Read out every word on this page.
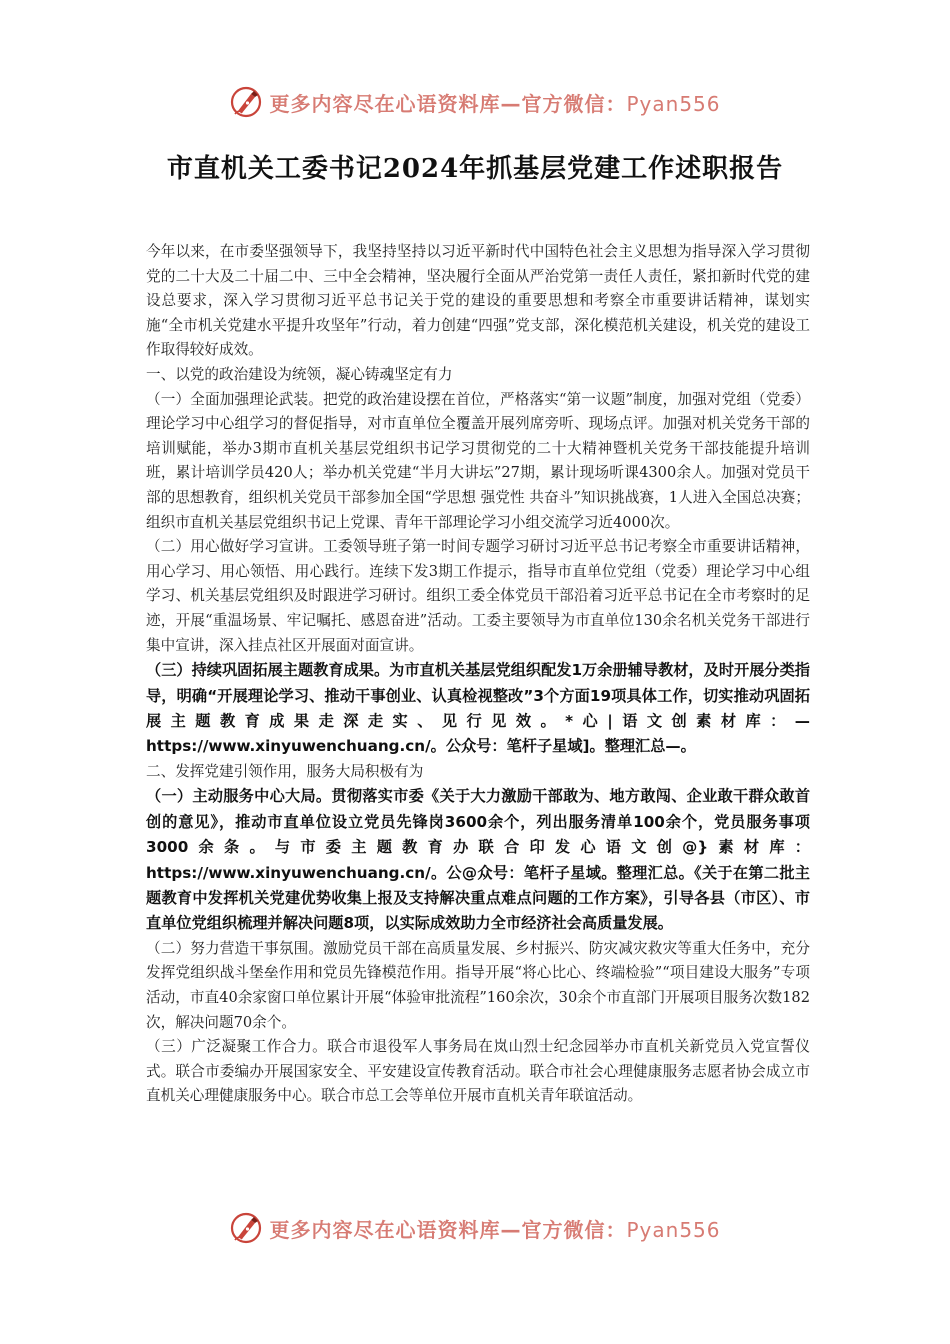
更多内容尽在心语资料库—官方微信：Pyan556
市直机关工委书记2024年抓基层党建工作述职报告

今年以来，在市委坚强领导下，我坚持坚持以习近平新时代中国特色社会主义思想为指导深入学习贯彻党的二十大及二十届二中、三中全会精神，坚决履行全面从严治党第一责任人责任，紧扣新时代党的建设总要求，深入学习贯彻习近平总书记关于党的建设的重要思想和考察全市重要讲话精神，谋划实施“全市机关党建水平提升攻坚年”行动，着力创建“四强”党支部，深化模范机关建设，机关党的建设工作取得较好成效。

一、以党的政治建设为统领，凝心铸魂坚定有力

（一）全面加强理论武装。把党的政治建设摆在首位，严格落实“第一议题”制度，加强对党组（党委）理论学习中心组学习的督促指导，对市直单位全覆盖开展列席旁听、现场点评。加强对机关党务干部的培训赋能，举办3期市直机关基层党组织书记学习贯彻党的二十大精神暨机关党务干部技能提升培训班，累计培训学员420人；举办机关党建“半月大讲坛”27期，累计现场听课4300余人。加强对党员干部的思想教育，组织机关党员干部参加全国“学思想 强党性 共奋斗”知识挑战赛，1人进入全国总决赛；组织市直机关基层党组织书记上党课、青年干部理论学习小组交流学习近4000次。

（二）用心做好学习宣讲。工委领导班子第一时间专题学习研讨习近平总书记考察全市重要讲话精神，用心学习、用心领悟、用心践行。连续下发3期工作提示，指导市直单位党组（党委）理论学习中心组学习、机关基层党组织及时跟进学习研讨。组织工委全体党员干部沿着习近平总书记在全市考察时的足迹，开展“重温场景、牢记嘱托、感恩奋进”活动。工委主要领导为市直单位130余名机关党务干部进行集中宣讲，深入挂点社区开展面对面宣讲。

（三）持续巩固拓展主题教育成果。为市直机关基层党组织配发1万余册辅导教材，及时开展分类指导，明确“开展理论学习、推动干事创业、认真检视整改”3个方面19项具体工作，切实推动巩固拓展主题教育成果走深走实、见行见效。*心|语文创素材库：—https://www.xinyuwenchuang.cn/。公众号：笔杆子星域]。整理汇总—。

二、发挥党建引领作用，服务大局积极有为

（一）主动服务中心大局。贯彻落实市委《关于大力激励干部敢为、地方敢闯、企业敢干群众敢首创的意见》，推动市直单位设立党员先锋岗3600余个，列出服务清单100余个，党员服务事项3000余条。与市委主题教育办联合印发心语文创@}素材库：https://www.xinyuwenchuang.cn/。公@众号：笔杆子星域。整理汇总。《关于在第二批主题教育中发挥机关党建优势收集上报及支持解决重点难点问题的工作方案》，引导各县（市区）、市直单位党组织梳理并解决问题8项，以实际成效助力全市经济社会高质量发展。

（二）努力营造干事氛围。激励党员干部在高质量发展、乡村振兴、防灾减灾救灾等重大任务中，充分发挥党组织战斗堡垒作用和党员先锋模范作用。指导开展“将心比心、终端检验”“项目建设大服务”专项活动，市直40余家窗口单位累计开展“体验审批流程”160余次，30余个市直部门开展项目服务次数182次，解决问题70余个。

（三）广泛凝聚工作合力。联合市退役军人事务局在岚山烈士纪念园举办市直机关新党员入党宣誓仪式。联合市委编办开展国家安全、平安建设宣传教育活动。联合市社会心理健康服务志愿者协会成立市直机关心理健康服务中心。联合市总工会等单位开展市直机关青年联谊活动。

更多内容尽在心语资料库—官方微信：Pyan556
